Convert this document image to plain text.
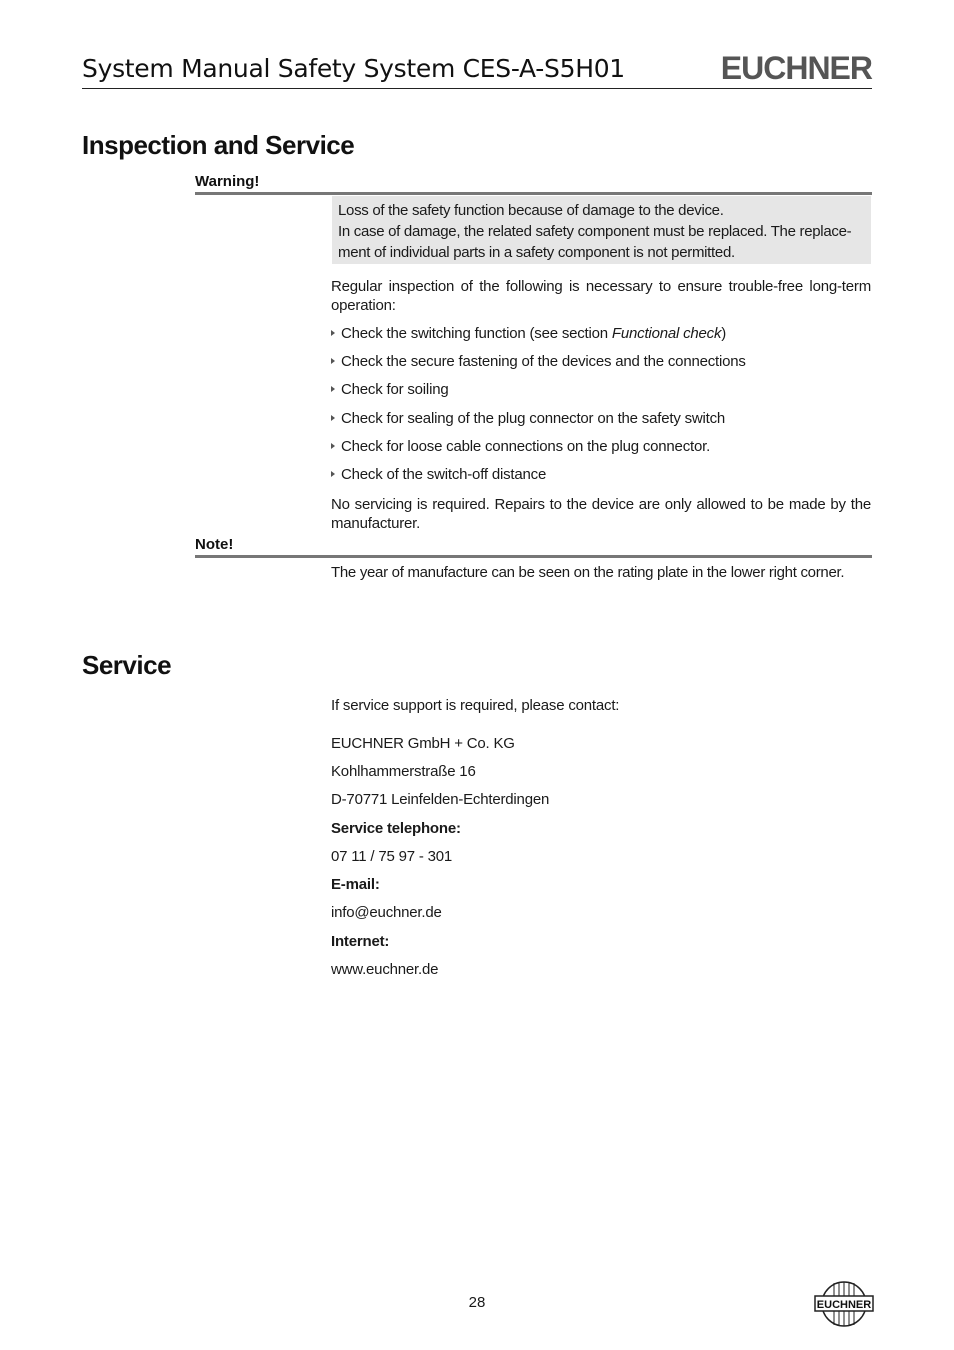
System Manual Safety System CES-A-S5H01	EUCHNER
Inspection and Service
Warning!
Loss of the safety function because of damage to the device.
In case of damage, the related safety component must be replaced. The replace-
ment of individual parts in a safety component is not permitted.
Regular inspection of the following is necessary to ensure trouble-free long-term operation:
Check the switching function (see section Functional check)
Check the secure fastening of the devices and the connections
Check for soiling
Check for sealing of the plug connector on the safety switch
Check for loose cable connections on the plug connector.
Check of the switch-off distance
No servicing is required. Repairs to the device are only allowed to be made by the manufacturer.
Note!
The year of manufacture can be seen on the rating plate in the lower right corner.
Service
If service support is required, please contact:
EUCHNER GmbH + Co. KG
Kohlhammerstraße 16
D-70771 Leinfelden-Echterdingen
Service telephone:
07 11 / 75 97 - 301
E-mail:
info@euchner.de
Internet:
www.euchner.de
28	EUCHNER
